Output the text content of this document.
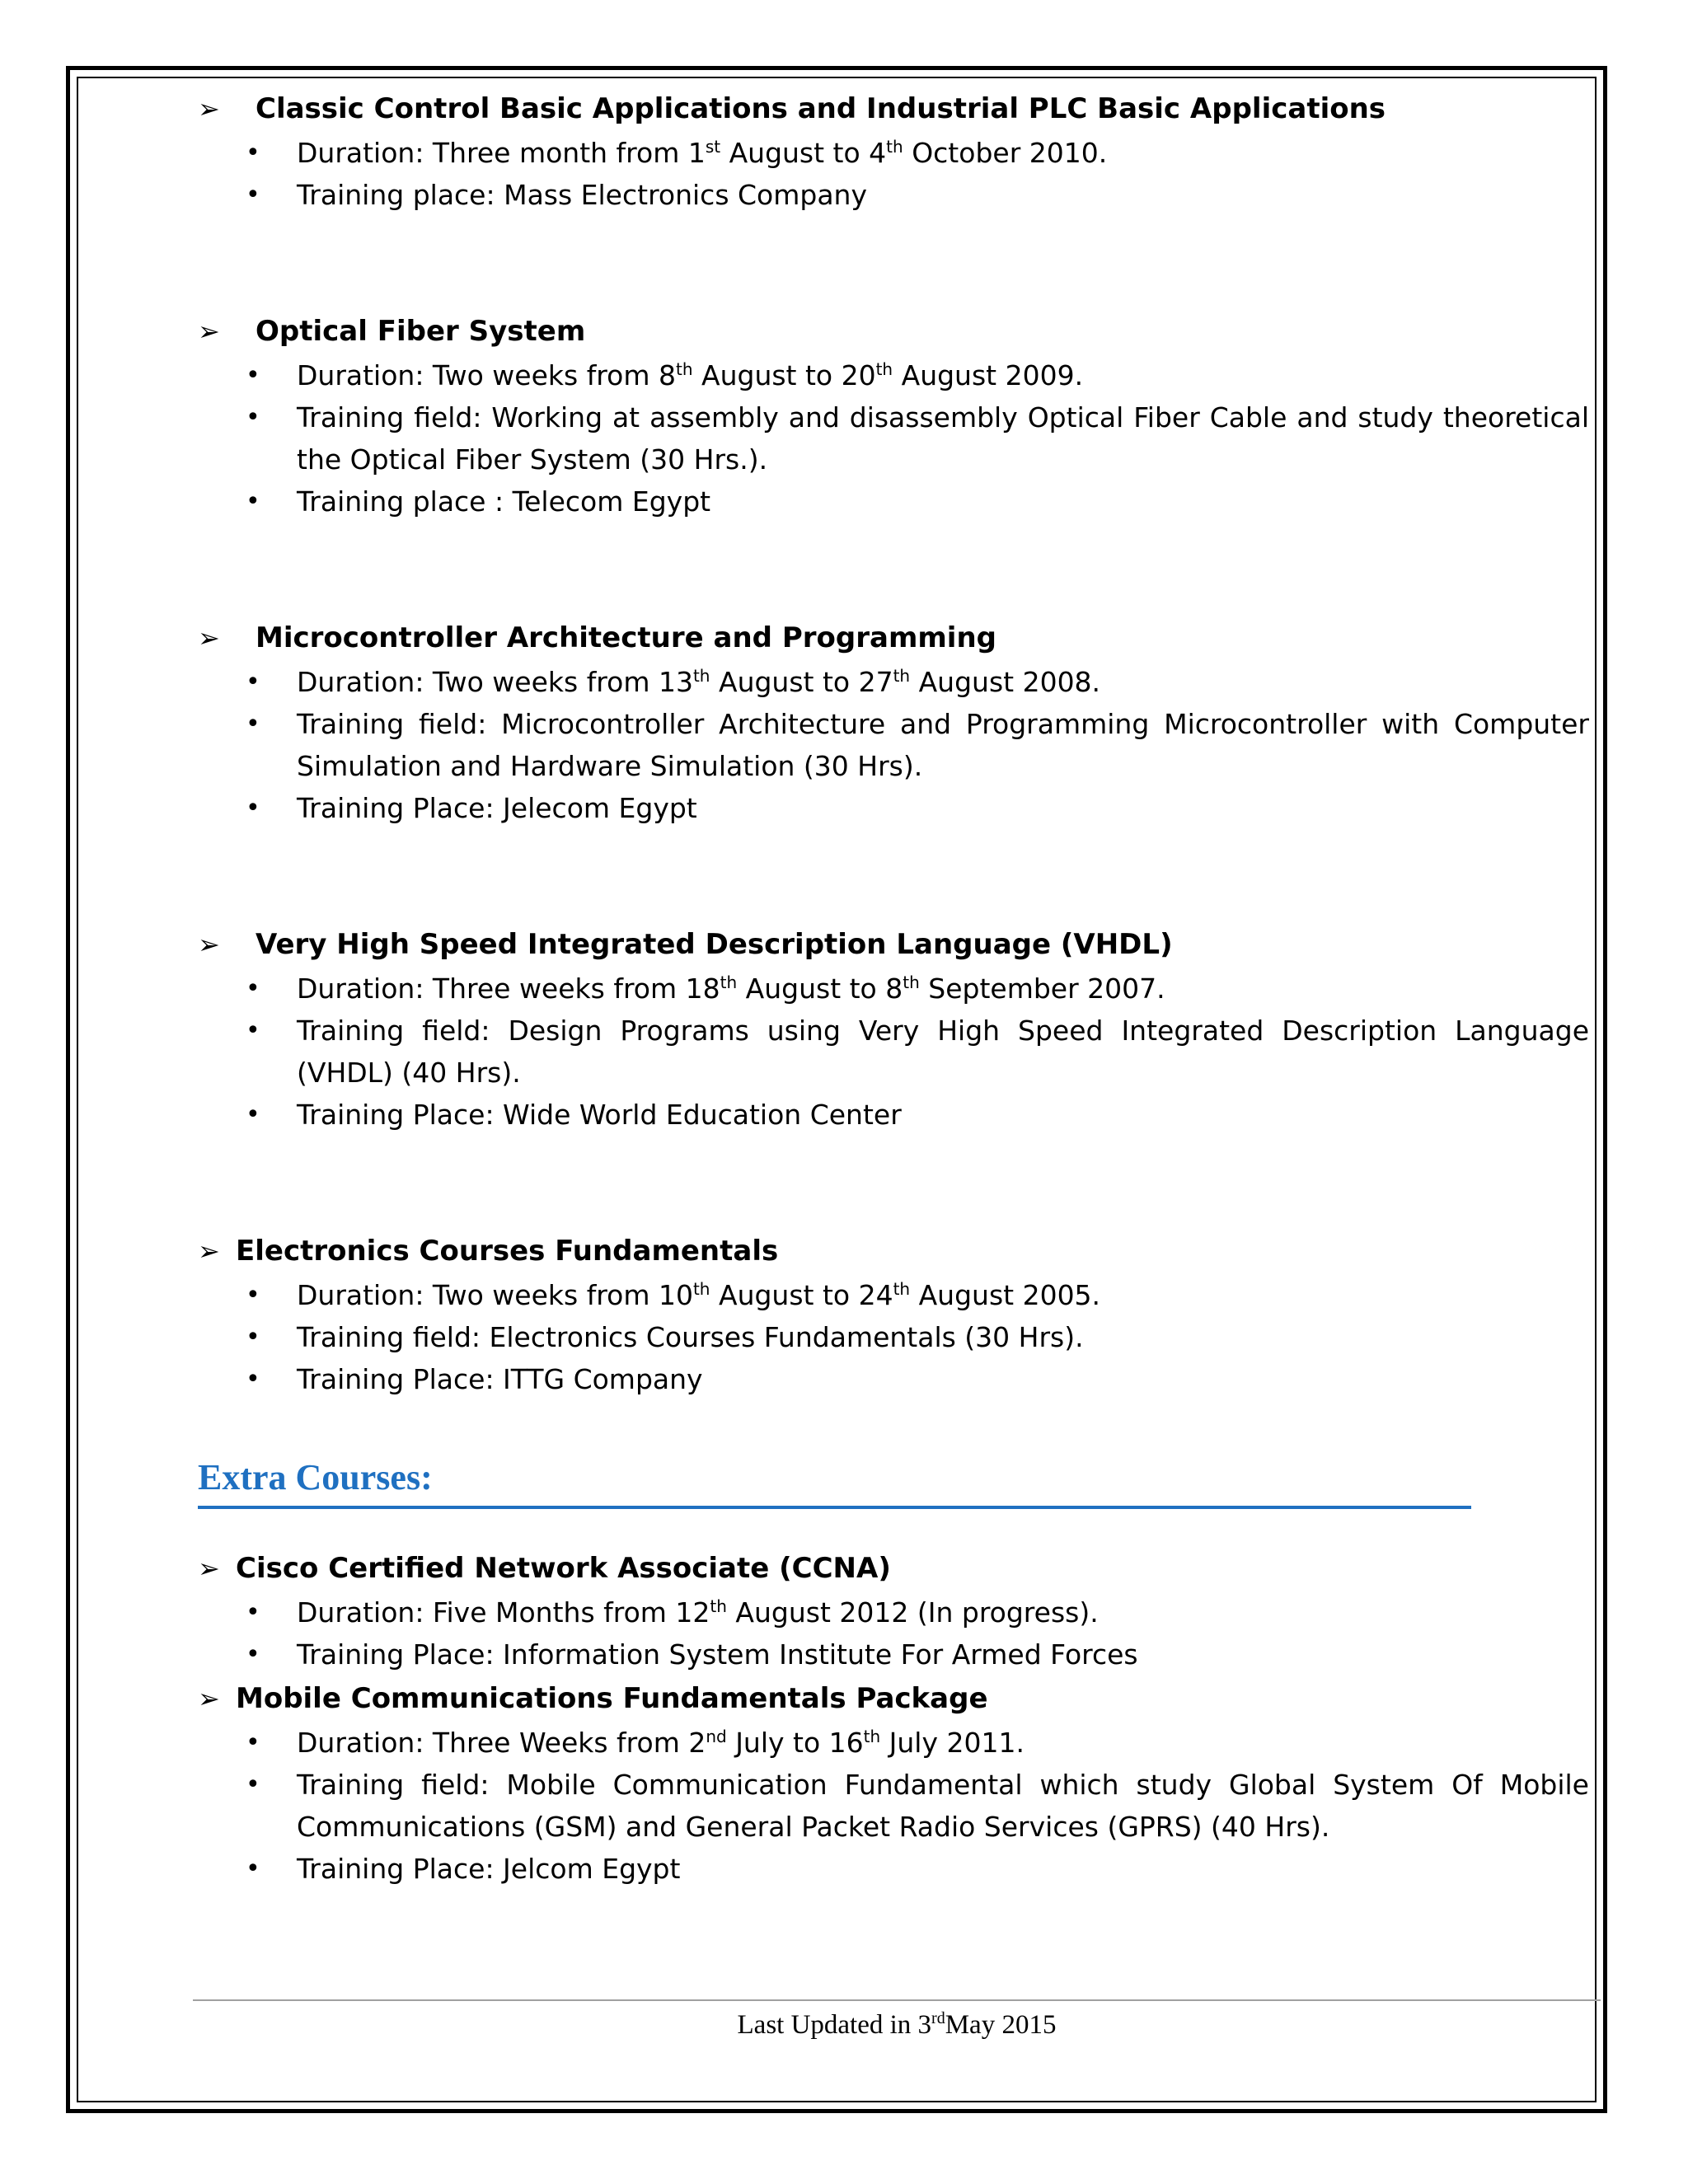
➢ Classic Control Basic Applications and Industrial PLC Basic Applications
• Duration: Three month from 1st August to 4th October 2010.
• Training place: Mass Electronics Company
➢ Optical Fiber System
• Duration: Two weeks from 8th August to 20th August 2009.
• Training field: Working at assembly and disassembly Optical Fiber Cable and study theoretical the Optical Fiber System (30 Hrs.).
• Training place : Telecom Egypt
➢ Microcontroller Architecture and Programming
• Duration: Two weeks from 13th August to 27th August 2008.
• Training field: Microcontroller Architecture and Programming Microcontroller with Computer Simulation and Hardware Simulation (30 Hrs).
• Training Place: Jelecom Egypt
➢ Very High Speed Integrated Description Language (VHDL)
• Duration: Three weeks from 18th August to 8th September 2007.
• Training field: Design Programs using Very High Speed Integrated Description Language (VHDL) (40 Hrs).
• Training Place: Wide World Education Center
➢ Electronics Courses Fundamentals
• Duration: Two weeks from 10th August to 24th August 2005.
• Training field: Electronics Courses Fundamentals (30 Hrs).
• Training Place: ITTG Company
Extra Courses:
➢ Cisco Certified Network Associate (CCNA)
• Duration: Five Months from 12th August 2012 (In progress).
• Training Place: Information System Institute For Armed Forces
➢ Mobile Communications Fundamentals Package
• Duration: Three Weeks from 2nd July to 16th July 2011.
• Training field: Mobile Communication Fundamental which study Global System Of Mobile Communications (GSM) and General Packet Radio Services (GPRS) (40 Hrs).
• Training Place: Jelcom Egypt
Last Updated in 3rdMay 2015
